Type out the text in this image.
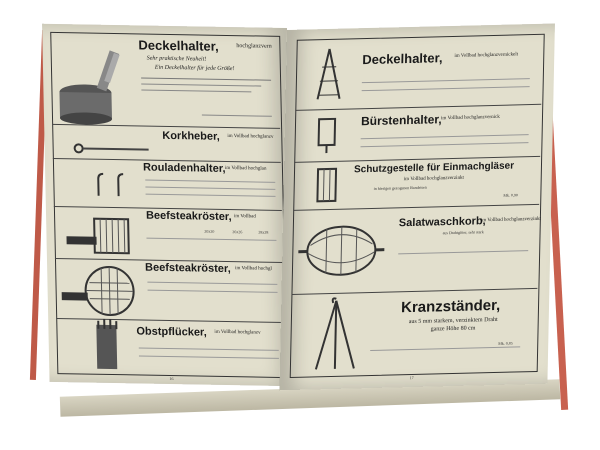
Deckelhalter,	hochglanzvern
Sehr praktische Neuheit!
Ein Deckelhalter für jede Größe!
Korkheber, im Vollbad hochglanzv
Rouladenhalter, im Vollbad hochglan
Beefsteakröster, im Vollbad
20x20	26x26	28x28
Beefsteakröster, im Vollbad hochgl
Obstpflücker, im Vollbad hochglanzv
16
Deckelhalter, im Vollbad hochglanzvernickelt
Bürstenhalter, im Vollbad hochglanzvernick
Schutzgestelle für Einmachgläser
im Vollbad hochglanzverzinkt
in hiesigen gezogenen Bandeisen
Mk. 0,90
Salatwaschkorb,
im Vollbad hochglanzverzinkt
aus Drahtgitter, sehr stark
Kranzständer,
aus 5 mm starkem, verzinktem Draht
ganze Höhe 80 cm
Mk. 0,85
17
